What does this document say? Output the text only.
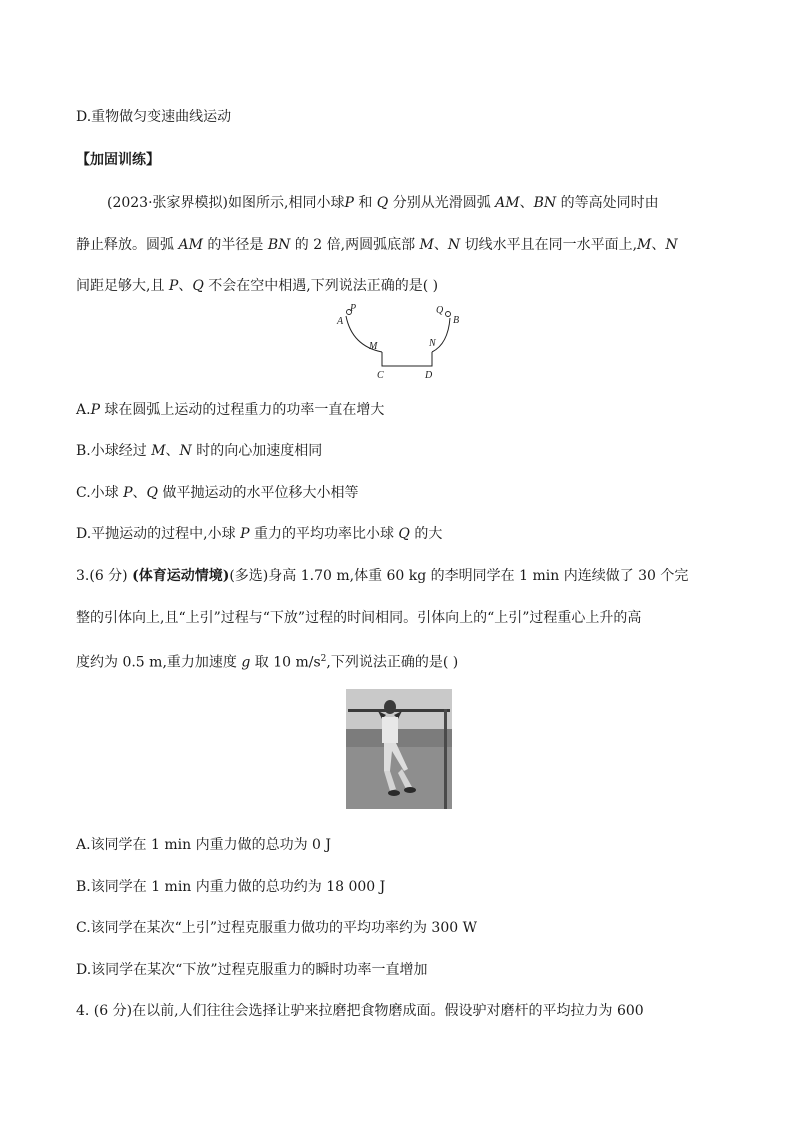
D.重物做匀变速曲线运动
【加固训练】
(2023·张家界模拟)如图所示,相同小球P 和 Q 分别从光滑圆弧 AM、BN 的等高处同时由
静止释放。圆弧 AM 的半径是 BN 的 2 倍,两圆弧底部 M、N 切线水平且在同一水平面上,M、N
间距足够大,且 P、Q 不会在空中相遇,下列说法正确的是( )
A
P	Q
B
M	N
C	D
A.P 球在圆弧上运动的过程重力的功率一直在增大
B.小球经过 M、N 时的向心加速度相同
C.小球 P、Q 做平抛运动的水平位移大小相等
D.平抛运动的过程中,小球 P 重力的平均功率比小球 Q 的大
3.(6 分) (体育运动情境)(多选)身高 1.70 m,体重 60 kg 的李明同学在 1 min 内连续做了 30 个完
整的引体向上,且“上引”过程与“下放”过程的时间相同。引体向上的“上引”过程重心上升的高
度约为 0.5 m,重力加速度 g 取 10 $m/s^2$,下列说法正确的是( )
A.该同学在 1 min 内重力做的总功为 0 J
B.该同学在 1 min 内重力做的总功约为 18 000 J
C.该同学在某次“上引”过程克服重力做功的平均功率约为 300 W
D.该同学在某次“下放”过程克服重力的瞬时功率一直增加
4. (6 分)在以前,人们往往会选择让驴来拉磨把食物磨成面。假设驴对磨杆的平均拉力为 600
